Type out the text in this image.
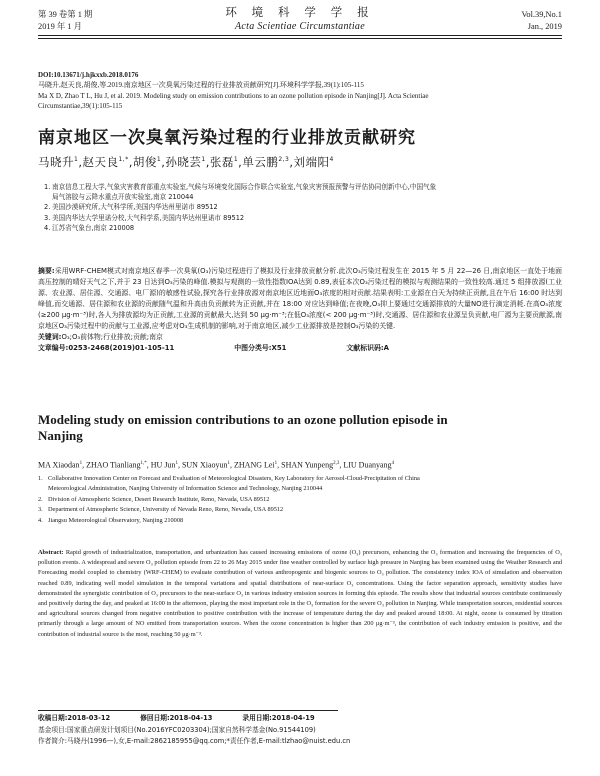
第 39 卷第 1 期
2019 年 1 月
环 境 科 学 学 报
Acta Scientiae Circumstantiae
Vol.39,No.1
Jan., 2019
DOI:10.13671/j.hjkxxb.2018.0176
马晓升,赵天良,胡俊,等.2019.南京地区一次臭氧污染过程的行业排放贡献研究[J].环境科学学报,39(1):105-115
Ma X D, Zhao T L, Hu J, et al. 2019. Modeling study on emission contributions to an ozone pollution episode in Nanjing[J]. Acta Scientiae
Circumstantiae,39(1):105-115
南京地区一次臭氧污染过程的行业排放贡献研究
马晓升$^1$,赵天良$^{1,*}$,胡俊$^1$,孙晓芸$^1$,张磊$^1$,单云鹏$^{2,3}$,刘端阳$^4$
1. 南京信息工程大学,气象灾害教育部重点实验室,气候与环境变化国际合作联合实验室,气象灾害预报预警与评估协同创新中心,中国气象
局气溶胶与云降水重点开放实验室,南京 210044
2. 美国沙漠研究所,大气科学所,美国内华达州里诺市 89512
3. 美国内华达大学里诺分校,大气科学系,美国内华达州里诺市 89512
4. 江苏省气象台,南京 210008
摘要:采用WRF-CHEM模式对南京地区春季一次臭氧(O₃)污染过程进行了模拟及行业排放贡献分析.此次O₃污染过程发生在 2015 年 5 月 22—26 日,南京地区一直处于地面高压控制的晴好天气之下,并于 23 日达到O₃污染的峰值.模拟与观测的一致性指数IOA达到 0.89,表征本次O₃污染过程的模拟与观测结果的一致性较高.通过 5 组排放源(工业源、农业源、居住源、交通源、电厂源)的敏感性试验,探究各行业排放源对南京地区近地面O₃浓度的相对贡献.结果表明:工业源在白天为持续正贡献,且在午后 16:00 时达到峰值,而交通源、居住源和农业源的贡献随气温和升高由负贡献转为正贡献,并在 18:00 对应达到峰值;在夜晚,O₃抑上要通过交通源排放的大量NO进行滴定消耗.在高O₃浓度(≥200 μg·m⁻³)时,各人为排放源均为正贡献,工业源的贡献最大,达到 50 μg·m⁻³;在低O₃浓度(< 200 μg·m⁻³)时,交通源、居住源和农业源呈负贡献,电厂源为主要贡献源,南京地区O₃污染过程中的贡献与工业源,应考虑对O₃生成机制的影响,对于南京地区,减少工业源排放是控制O₃污染的关键.
关键词:O₃;O₃前体物;行业排放;贡献;南京
文章编号:0253-2468(2019)01-105-11	中图分类号:X51	文献标识码:A
Modeling study on emission contributions to an ozone pollution episode in Nanjing
MA Xiaodan$^1$, ZHAO Tianliang$^{1,*}$, HU Jun$^1$, SUN Xiaoyun$^1$, ZHANG Lei$^1$, SHAN Yunpeng$^{2,3}$, LIU Duanyang$^4$
1. Collaborative Innovation Center on Forecast and Evaluation of Meteorological Disasters, Key Laboratory for Aerosol-Cloud-Precipitation of China
Meteorological Administration, Nanjing University of Information Science and Technology, Nanjing 210044
2. Division of Atmospheric Science, Desert Research Institute, Reno, Nevada, USA 89512
3. Department of Atmospheric Science, University of Nevada Reno, Reno, Nevada, USA 89512
4. Jiangsu Meteorological Observatory, Nanjing 210008
Abstract: Rapid growth of industrialization, transportation, and urbanization has caused increasing emissions of ozone (O₃) precursors, enhancing the O₃ formation and increasing the frequencies of O₃ pollution events. A widespread and severe O₃ pollution episode from 22 to 26 May 2015 under fine weather controlled by surface high pressure in Nanjing has been examined using the Weather Research and Forecasting model coupled to chemistry (WRF-CHEM) to evaluate contribution of various anthropogenic and biogenic sources to O₃ pollution. The consistency index IOA of simulation and observation reached 0.89, indicating well model simulation in the temporal variations and spatial distributions of near-surface O₃ concentrations. Using the factor separation approach, sensitivity studies have demonstrated the synergistic contribution of O₃ precursors to the near-surface O₃ in various industry emission sources in forming this episode. The results show that industrial sources contribute continuously and positively during the day, and peaked at 16:00 in the afternoon, playing the most important role in the O₃ formation for the severe O₃ pollution in Nanjing. While transportation sources, residential sources and agricultural sources changed from negative contribution to positive contribution with the increase of temperature during the day and peaked around 18:00. At night, ozone is consumed by titration primarily through a large amount of NO emitted from transportation sources. When the ozone concentration is higher than 200 μg·m⁻³, the contribution of each industry emission is positive, and the contribution of industrial source is the most, reaching 50 μg·m⁻³.
收稿日期:2018-03-12	修回日期:2018-04-13	录用日期:2018-04-19
基金项目:国家重点研发计划项目(No.2016YFC0203304);国家自然科学基金(No.91544109)
作者简介:马晓丹(1996—),女,E-mail:2862185955@qq.com;*责任作者,E-mail:tlzhao@nuist.edu.cn
